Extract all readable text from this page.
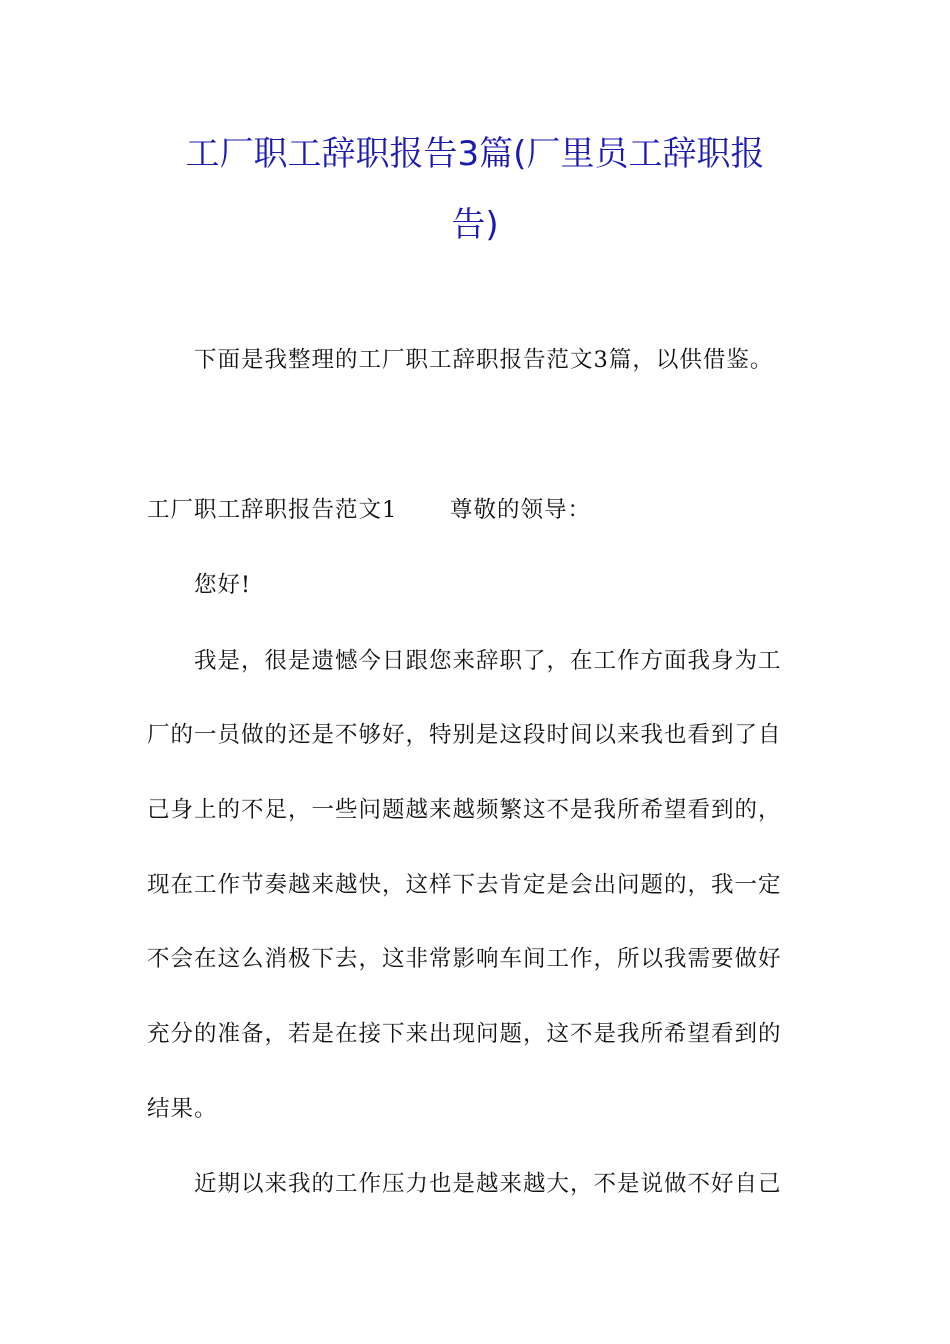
工厂职工辞职报告3篇(厂里员工辞职报
告)
下面是我整理的工厂职工辞职报告范文3篇，以供借鉴。
工厂职工辞职报告范文1 尊敬的领导：
您好!
我是，很是遗憾今日跟您来辞职了，在工作方面我身为工
厂的一员做的还是不够好，特别是这段时间以来我也看到了自
己身上的不足，一些问题越来越频繁这不是我所希望看到的，
现在工作节奏越来越快，这样下去肯定是会出问题的，我一定
不会在这么消极下去，这非常影响车间工作，所以我需要做好
充分的准备，若是在接下来出现问题，这不是我所希望看到的
结果。
近期以来我的工作压力也是越来越大，不是说做不好自己
